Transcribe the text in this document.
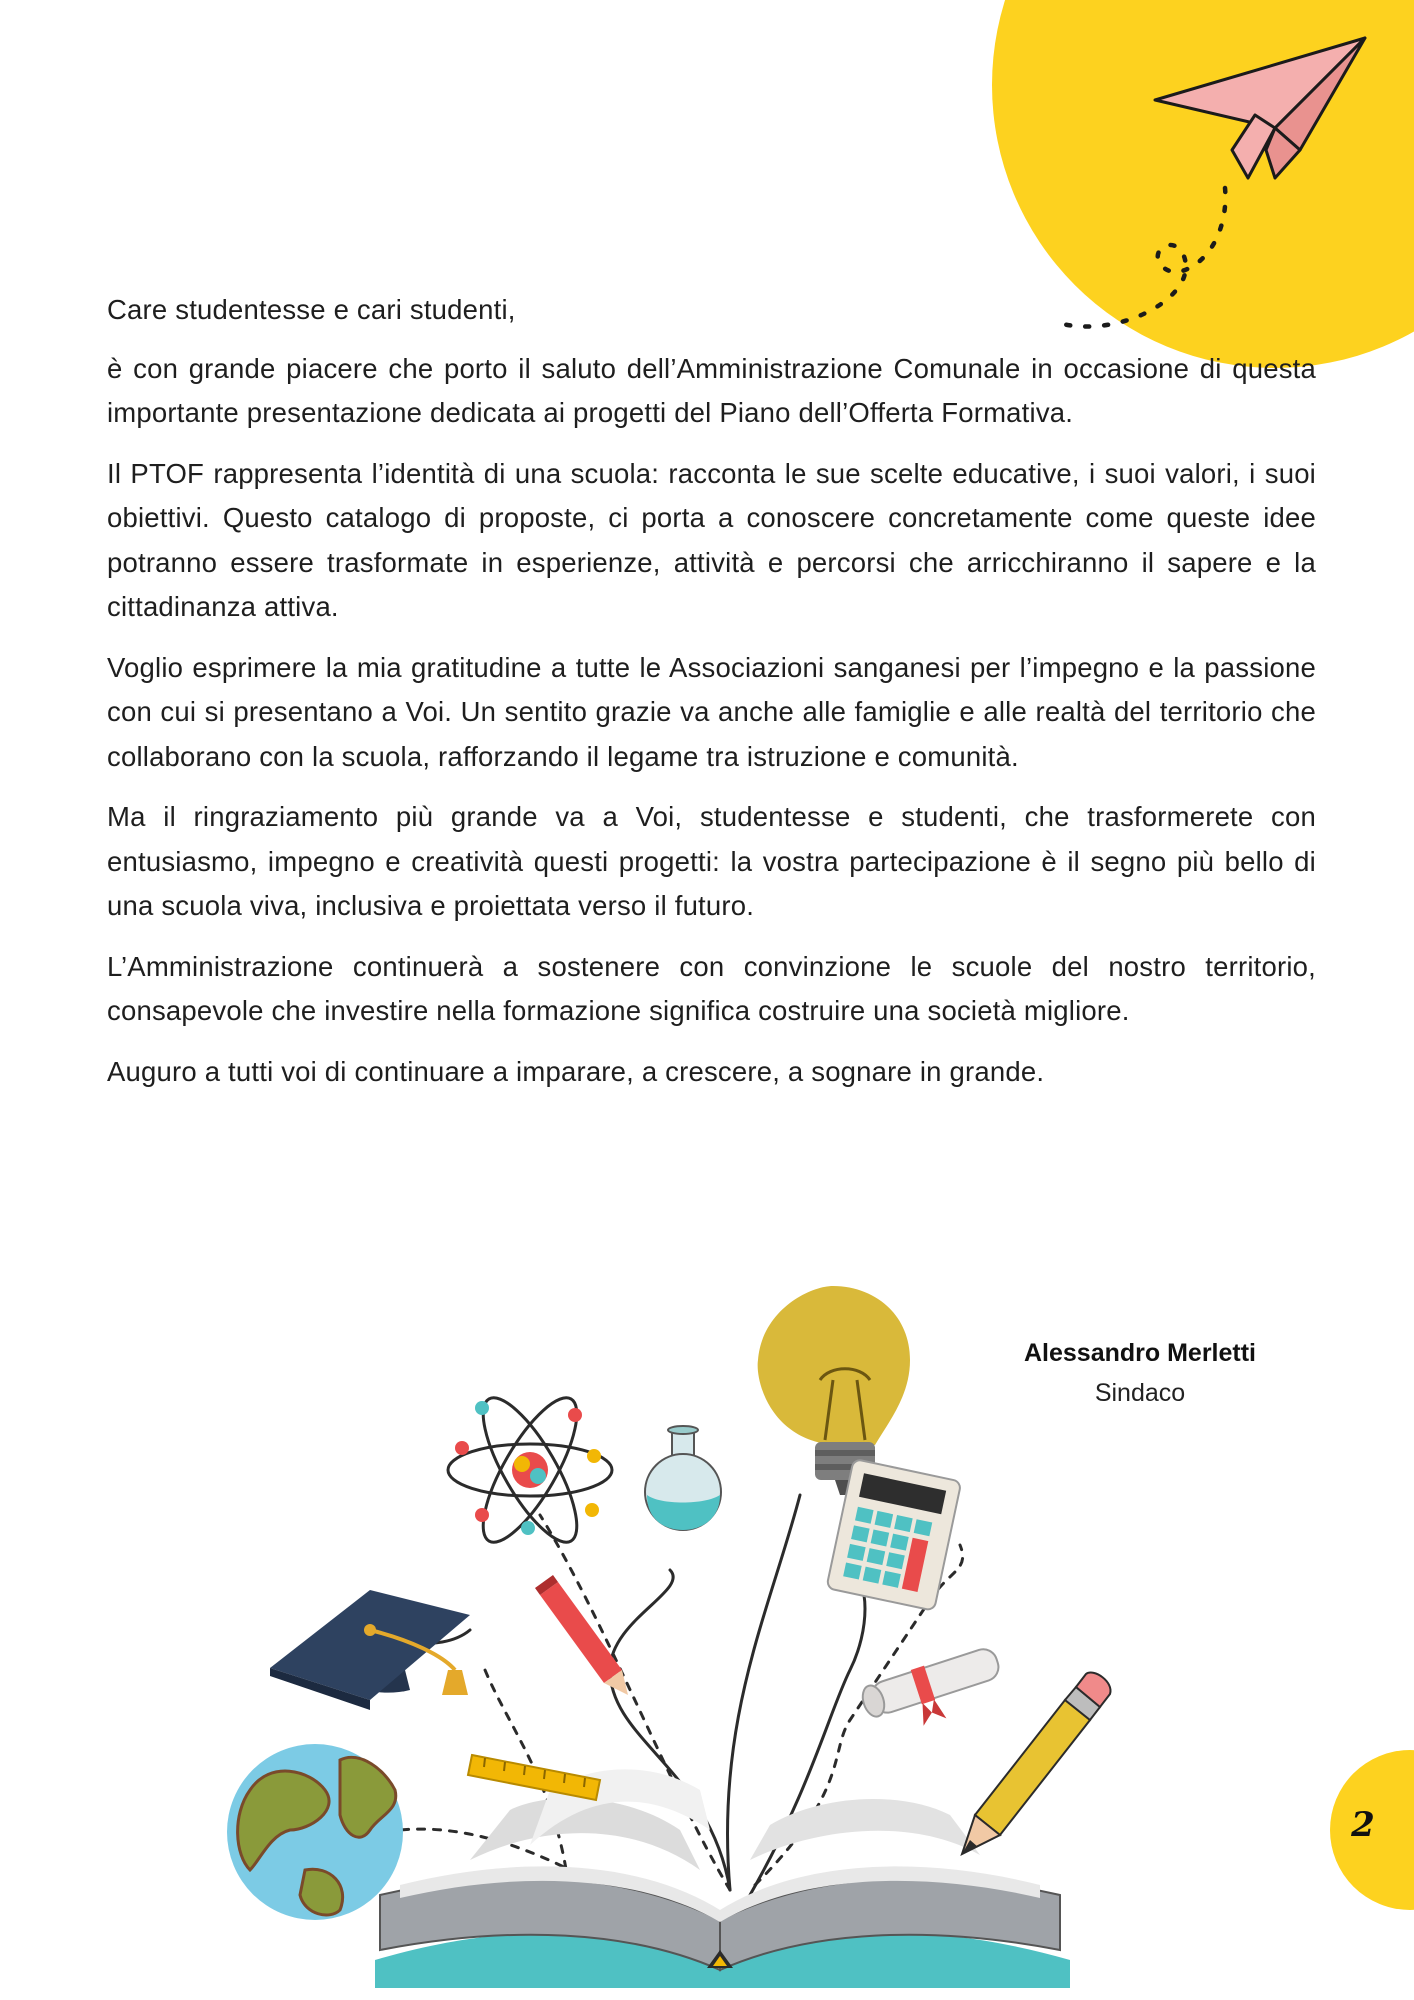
Care studentesse e cari studenti,

è con grande piacere che porto il saluto dell’Amministrazione Comunale in occasione di questa importante presentazione dedicata ai progetti del Piano dell’Offerta Formativa.

Il PTOF rappresenta l’identità di una scuola: racconta le sue scelte educative, i suoi valori, i suoi obiettivi. Questo catalogo di proposte, ci porta a conoscere concretamente come queste idee potranno essere trasformate in esperienze, attività e percorsi che arricchiranno il sapere e la cittadinanza attiva.

Voglio esprimere la mia gratitudine a tutte le Associazioni sanganesi per l’impegno e la passione con cui si presentano a Voi. Un sentito grazie va anche alle famiglie e alle realtà del territorio che collaborano con la scuola, rafforzando il legame tra istruzione e comunità.

Ma il ringraziamento più grande va a Voi, studentesse e studenti, che trasformerete con entusiasmo, impegno e creatività questi progetti: la vostra partecipazione è il segno più bello di una scuola viva, inclusiva e proiettata verso il futuro.

L’Amministrazione continuerà a sostenere con convinzione le scuole del nostro territorio, consapevole che investire nella formazione significa costruire una società migliore.

Auguro a tutti voi di continuare a imparare, a crescere, a sognare in grande.

Alessandro Merletti
Sindaco
2
